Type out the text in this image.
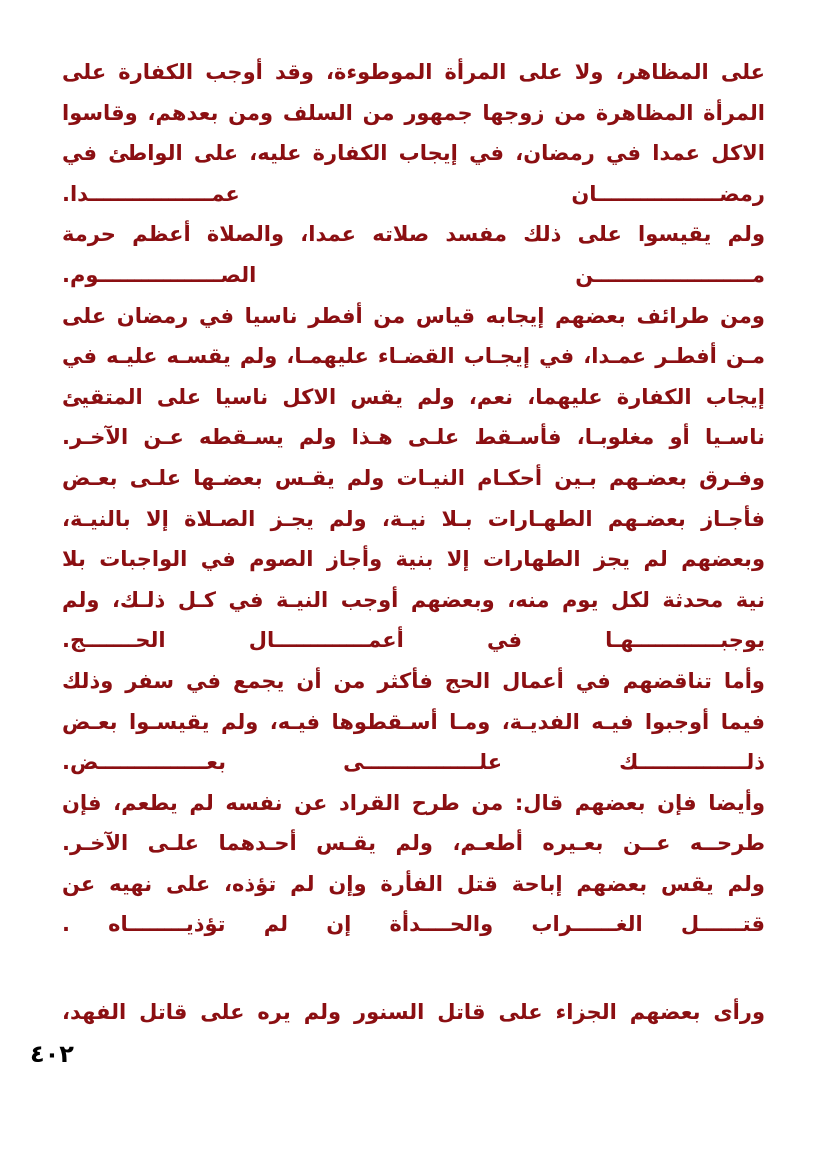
على المظاهر، ولا على المرأة الموطوءة، وقد أوجب الكفارة على
المرأة المظاهرة من زوجها جمهور من السلف ومن بعدهم، وقاسوا
الاكل عمدا في رمضان، في إيجاب الكفارة عليه، على الواطئ في
رمضـــــــــــــــــان عمـــــــــــــــــدا.
ولم يقيسوا على ذلك مفسد صلاته عمدا، والصلاة أعظم حرمة
مــــــــــــــــــــــن الصـــــــــــــــــوم.
ومن طرائف بعضهم إيجابه قياس من أفطر ناسيا في رمضان على
مـن أفطـر عمـدا، في إيجـاب القضـاء عليهمـا، ولم يقسـه عليـه في
إيجاب الكفارة عليهما، نعم، ولم يقس الاكل ناسيا على المتقيئ
ناسـيا أو مغلوبـا، فأسـقط علـى هـذا ولم يسـقطه عـن الآخـر.
وفـرق بعضـهم بـين أحكـام النيـات ولم يقـس بعضـها علـى بعـض
فأجـاز بعضـهم الطهـارات بـلا نيـة، ولم يجـز الصـلاة إلا بالنيـة،
وبعضهم لم يجز الطهارات إلا بنية وأجاز الصوم في الواجبات بلا
نية محدثة لكل يوم منه، وبعضهم أوجب النيـة في كـل ذلـك، ولم
يوجبــــــــــــهـا في أعمـــــــــــــال الحـــــــج.
وأما تناقضهم في أعمال الحج فأكثر من أن يجمع في سفر وذلك
فيما أوجبوا فيـه الفديـة، ومـا أسـقطوها فيـه، ولم يقيسـوا بعـض
ذلـــــــــــــــك علــــــــــــــــى بعـــــــــــــــض.
وأيضا فإن بعضهم قال: من طرح القراد عن نفسه لم يطعم، فإن
طرحــه عــن بعـيره أطعـم، ولم يقـس أحـدهما علـى الآخـر.
ولم يقس بعضهم إباحة قتل الفأرة وإن لم تؤذه، على نهيه عن
قتــــــل الغــــــراب والحــــدأة إن لم تؤذيــــــــاه .
ورأى بعضهم الجزاء على قاتل السنور ولم يره على قاتل الفهد،
٤٠٢
